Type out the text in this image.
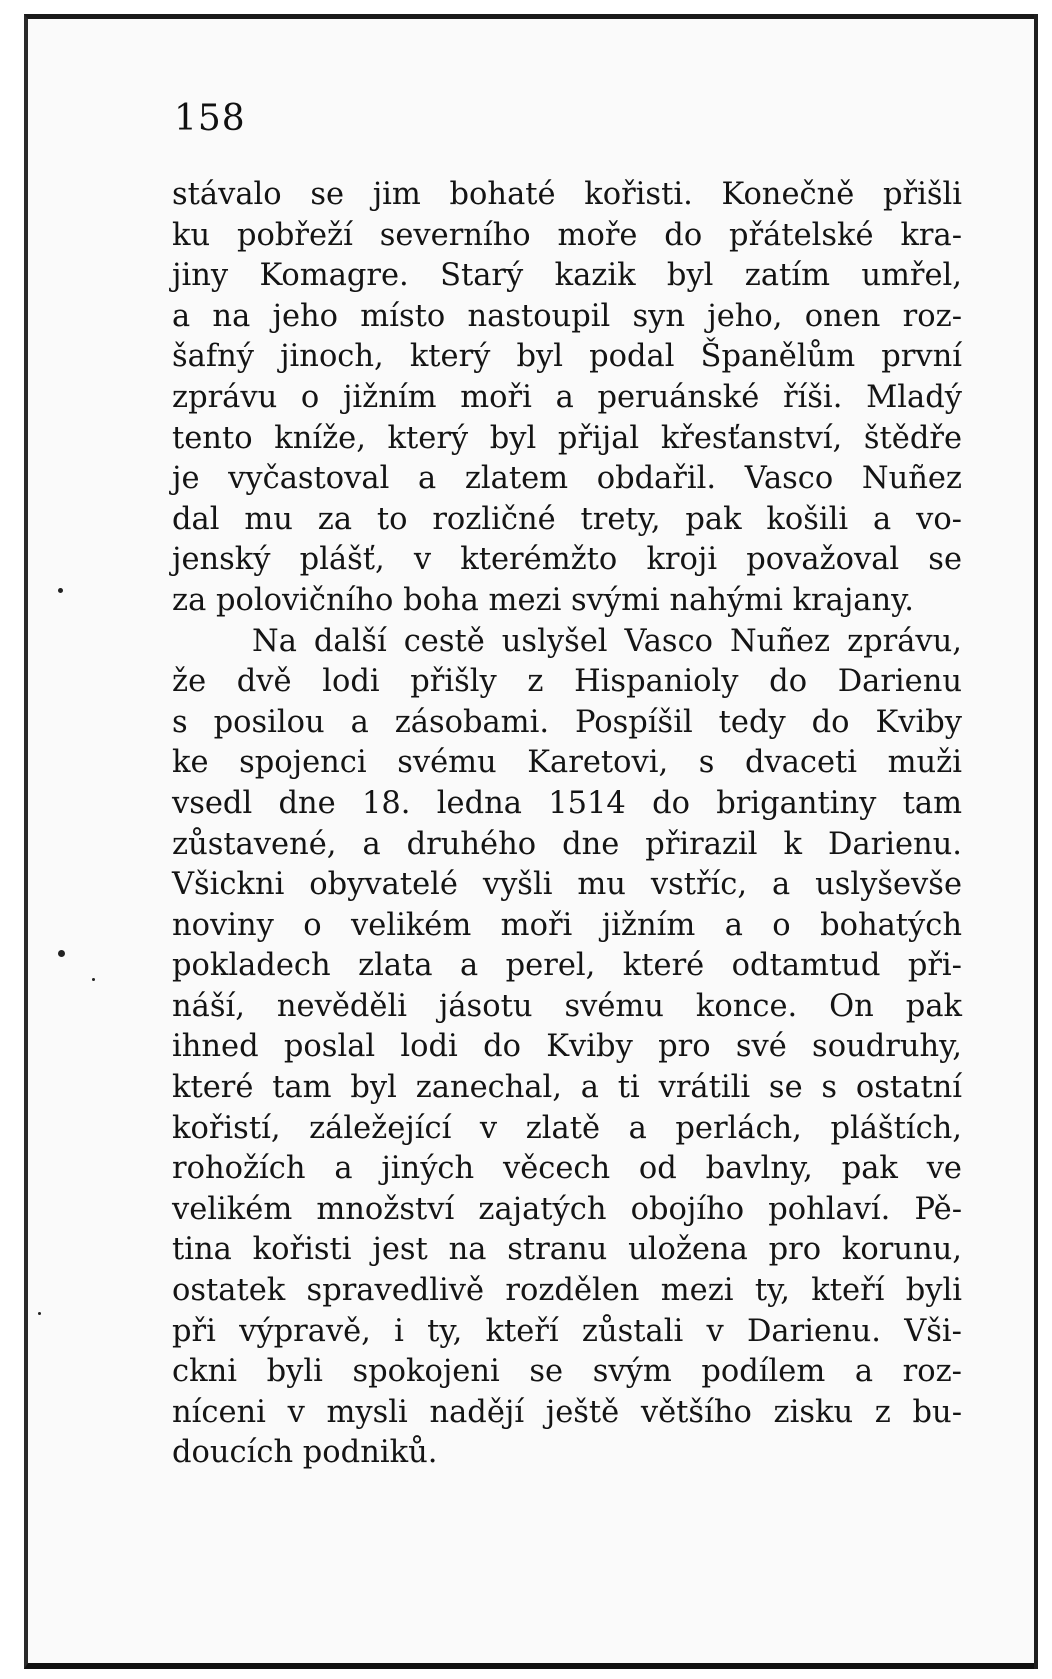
158
stávalo se jim bohaté kořisti. Konečně přišli
ku pobřeží severního moře do přátelské kra-
jiny Komagre. Starý kazik byl zatím umřel,
a na jeho místo nastoupil syn jeho, onen roz-
šafný jinoch, který byl podal Španělům první
zprávu o jižním moři a peruánské říši. Mladý
tento kníže, který byl přijal křesťanství, štědře
je vyčastoval a zlatem obdařil. Vasco Nuñez
dal mu za to rozličné trety, pak košili a vo-
jenský plášť, v kterémžto kroji považoval se
za polovičního boha mezi svými nahými krajany.
Na další cestě uslyšel Vasco Nuñez zprávu,
že dvě lodi přišly z Hispanioly do Darienu
s posilou a zásobami. Pospíšil tedy do Kviby
ke spojenci svému Karetovi, s dvaceti muži
vsedl dne 18. ledna 1514 do brigantiny tam
zůstavené, a druhého dne přirazil k Darienu.
Všickni obyvatelé vyšli mu vstříc, a uslyševše
noviny o velikém moři jižním a o bohatých
pokladech zlata a perel, které odtamtud při-
náší, nevěděli jásotu svému konce. On pak
ihned poslal lodi do Kviby pro své soudruhy,
které tam byl zanechal, a ti vrátili se s ostatní
kořistí, záležející v zlatě a perlách, pláštích,
rohožích a jiných věcech od bavlny, pak ve
velikém množství zajatých obojího pohlaví. Pě-
tina kořisti jest na stranu uložena pro korunu,
ostatek spravedlivě rozdělen mezi ty, kteří byli
při výpravě, i ty, kteří zůstali v Darienu. Vši-
ckni byli spokojeni se svým podílem a roz-
níceni v mysli nadějí ještě většího zisku z bu-
doucích podniků.
